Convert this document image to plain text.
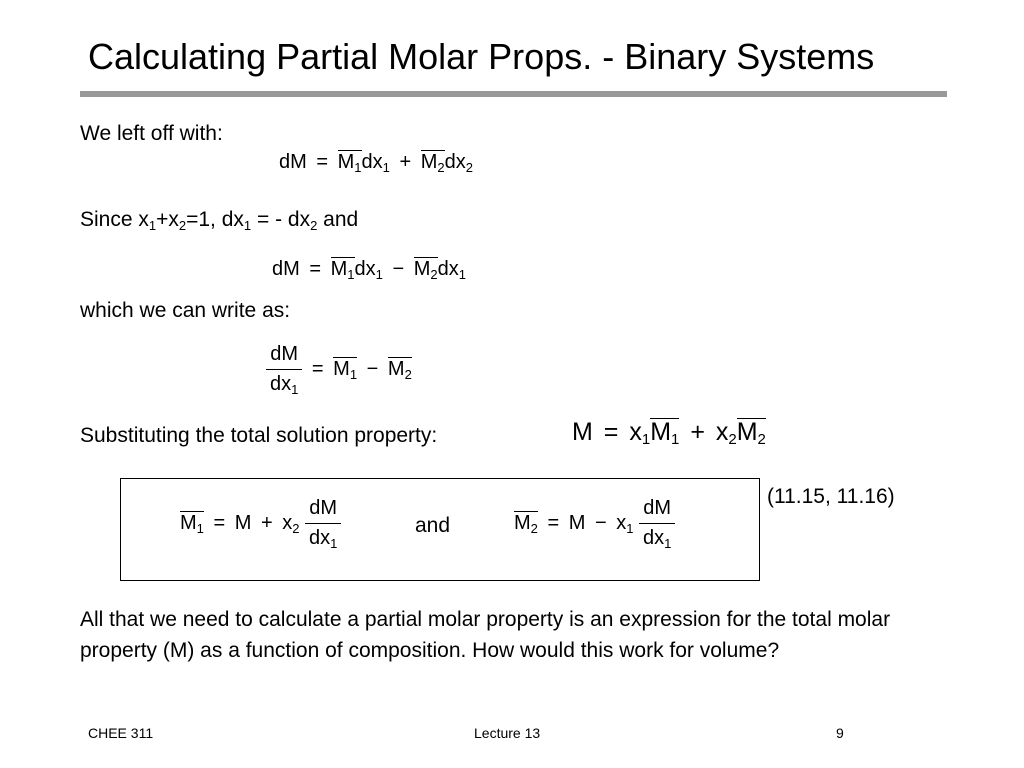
Calculating Partial Molar Props. - Binary Systems
We left off with:
dM = $M_1dx_1 + M_2dx_2$
Since $x_1+x_2=1$, $dx_1$ = - $dx_2$ and
dM = $M_1dx_1 - M_2dx_1$
which we can write as:
$\frac{dM}{dx_1} = M_1 - M_2$
Substituting the total solution property:	$M = x_1M_1 + x_2M_2$
$M_1 = M + x_2 \frac{dM}{dx_1}$	and	$M_2 = M - x_1 \frac{dM}{dx_1}$
(11.15, 11.16)
All that we need to calculate a partial molar property is an expression for the total molar property (M) as a function of composition. How would this work for volume?
CHEE 311	Lecture 13	9
